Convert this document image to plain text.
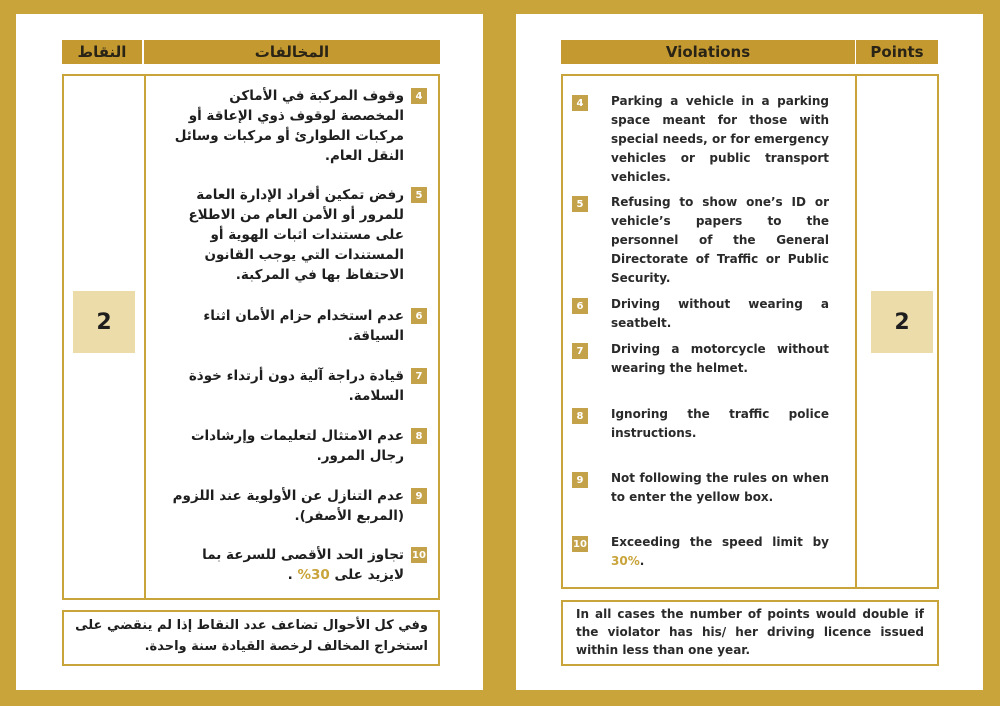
المخالفات
النقاط
2
4
وقوف المركبة في الأماكن المخصصة لوقوف ذوي الإعاقة أو مركبات الطوارئ أو مركبات وسائل النقل العام.
5
رفض تمكين أفراد الإدارة العامة للمرور أو الأمن العام من الاطلاع على مستندات اثبات الهوية أو المستندات التي يوجب القانون الاحتفاظ بها في المركبة.
6
عدم استخدام حزام الأمان اثناء السياقة.
7
قيادة دراجة آلية دون أرتداء خوذة السلامة.
8
عدم الامتثال لتعليمات وإرشادات رجال المرور.
9
عدم التنازل عن الأولوية عند اللزوم (المربع الأصفر).
10
تجاوز الحد الأقصى للسرعة بما لايزيد على 30% .
وفي كل الأحوال تضاعف عدد النقاط إذا لم ينقضي على استخراج المخالف لرخصة القيادة سنة واحدة.
Violations	Points
2
4	Parking a vehicle in a parking space meant for those with special needs, or for emergency vehicles or public transport vehicles.
5	Refusing to show one’s ID or vehicle’s papers to the personnel of the General Directorate of Traffic or Public Security.
6	Driving without wearing a seatbelt.
7	Driving a motorcycle without wearing the helmet.
8	Ignoring the traffic police instructions.
9	Not following the rules on when to enter the yellow box.
10 Exceeding the speed limit by 30%.
In all cases the number of points would double if the violator has his/ her driving licence issued within less than one year.
